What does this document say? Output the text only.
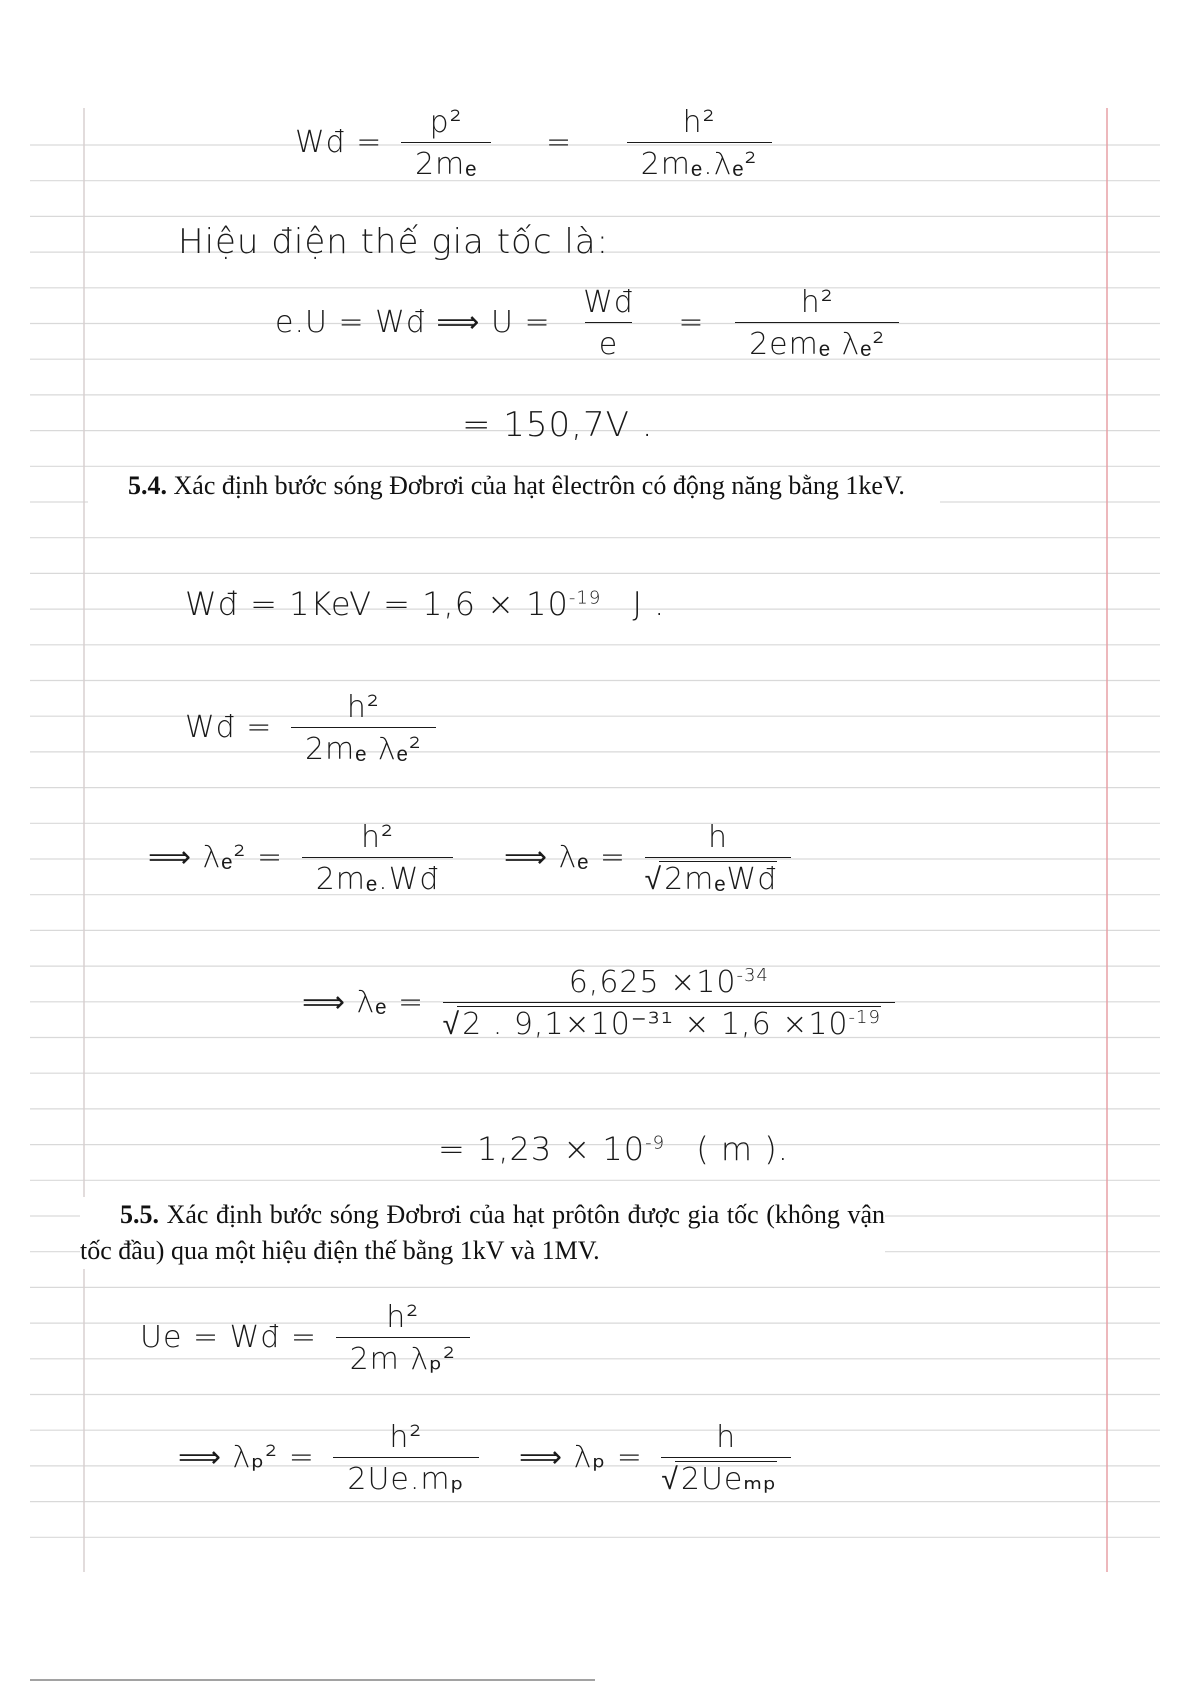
Wđ = $\frac{\text{p²}}{\text{2mₑ}} = \frac{\text{h²}}{\text{2mₑ.λₑ²}}$
Hiệu điện thế gia tốc là:
e.U = Wđ ⟹ $U = \frac{Wđ}{e} = \frac{\text{h²}}{\text{2emₑ λₑ²}}$
= 150,7V .
5.4. Xác định bước sóng Đơbrơi của hạt êlectrôn có động năng bằng 1keV.
Wđ = $1KeV = 1,6 \times 10^{-19}$ J .
Wđ = $\frac{\text{h²}}{\text{2mₑ λₑ²}}$
⟹ $\lambda_e^2 = \frac{\text{h²}}{\text{2mₑ.Wđ}}$ ⟹ λₑ = h
√ 2mₑWđ
⟹ $\lambda_e = 6,625 \times 10^{-34}$
√ 2 . $9,1\times 10^{-31} \times 1,6 \times 10^{-19}$
= $1,23 \times 10^{-9}$ ( m ).
5.5. Xác định bước sóng Đơbrơi của hạt prôtôn được gia tốc (không vận tốc đầu) qua một hiệu điện thế bằng 1kV và 1MV.
Ue = Wđ = $\frac{\text{h²}}{\text{2m λₚ²}}$
⟹ $\lambda_p^2 = \frac{\text{h²}}{\text{2Ue.mₚ}}$ ⟹ λₚ = h
√ 2Ueₘₚ
